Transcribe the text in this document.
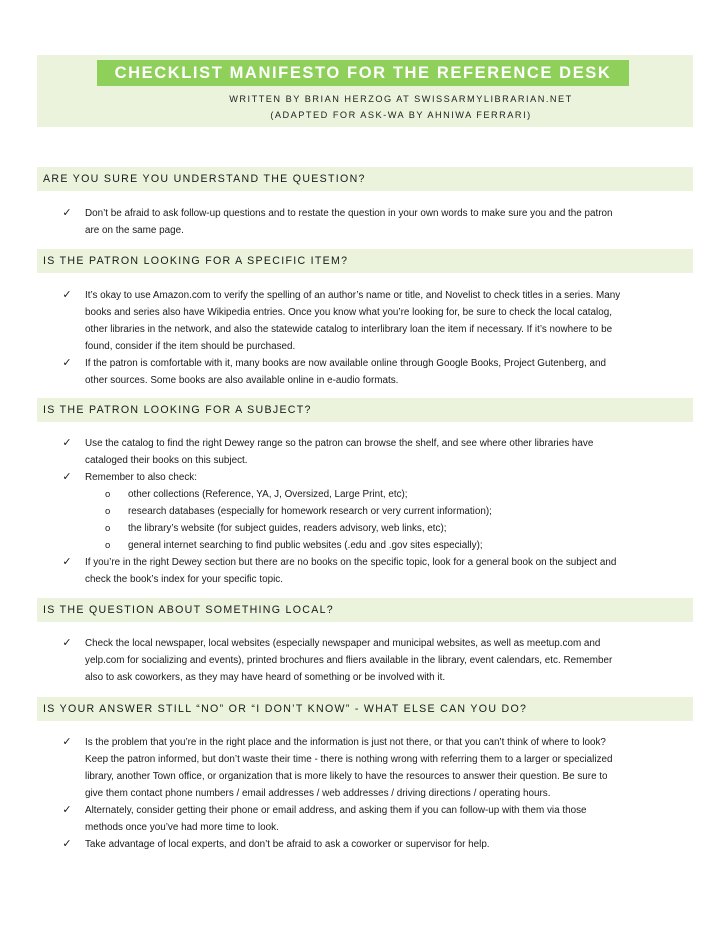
CHECKLIST MANIFESTO FOR THE REFERENCE DESK
WRITTEN BY BRIAN HERZOG AT SWISSARMYLIBRARIAN.NET
(ADAPTED FOR ASK-WA BY AHNIWA FERRARI)
ARE YOU SURE YOU UNDERSTAND THE QUESTION?
✓ Don’t be afraid to ask follow-up questions and to restate the question in your own words to make sure you and the patron
are on the same page.
IS THE PATRON LOOKING FOR A SPECIFIC ITEM?
✓ It’s okay to use Amazon.com to verify the spelling of an author’s name or title, and Novelist to check titles in a series. Many
books and series also have Wikipedia entries. Once you know what you’re looking for, be sure to check the local catalog,
other libraries in the network, and also the statewide catalog to interlibrary loan the item if necessary. If it’s nowhere to be
found, consider if the item should be purchased.
✓ If the patron is comfortable with it, many books are now available online through Google Books, Project Gutenberg, and
other sources. Some books are also available online in e-audio formats.
IS THE PATRON LOOKING FOR A SUBJECT?
✓ Use the catalog to find the right Dewey range so the patron can browse the shelf, and see where other libraries have
cataloged their books on this subject.
✓ Remember to also check:
o other collections (Reference, YA, J, Oversized, Large Print, etc);
o research databases (especially for homework research or very current information);
o the library’s website (for subject guides, readers advisory, web links, etc);
o general internet searching to find public websites (.edu and .gov sites especially);
✓ If you’re in the right Dewey section but there are no books on the specific topic, look for a general book on the subject and
check the book’s index for your specific topic.
IS THE QUESTION ABOUT SOMETHING LOCAL?
✓ Check the local newspaper, local websites (especially newspaper and municipal websites, as well as meetup.com and
yelp.com for socializing and events), printed brochures and fliers available in the library, event calendars, etc. Remember
also to ask coworkers, as they may have heard of something or be involved with it.
IS YOUR ANSWER STILL “NO” OR “I DON’T KNOW” - WHAT ELSE CAN YOU DO?
✓ Is the problem that you’re in the right place and the information is just not there, or that you can’t think of where to look?
Keep the patron informed, but don’t waste their time - there is nothing wrong with referring them to a larger or specialized
library, another Town office, or organization that is more likely to have the resources to answer their question. Be sure to
give them contact phone numbers / email addresses / web addresses / driving directions / operating hours.
✓ Alternately, consider getting their phone or email address, and asking them if you can follow-up with them via those
methods once you’ve had more time to look.
✓ Take advantage of local experts, and don’t be afraid to ask a coworker or supervisor for help.
